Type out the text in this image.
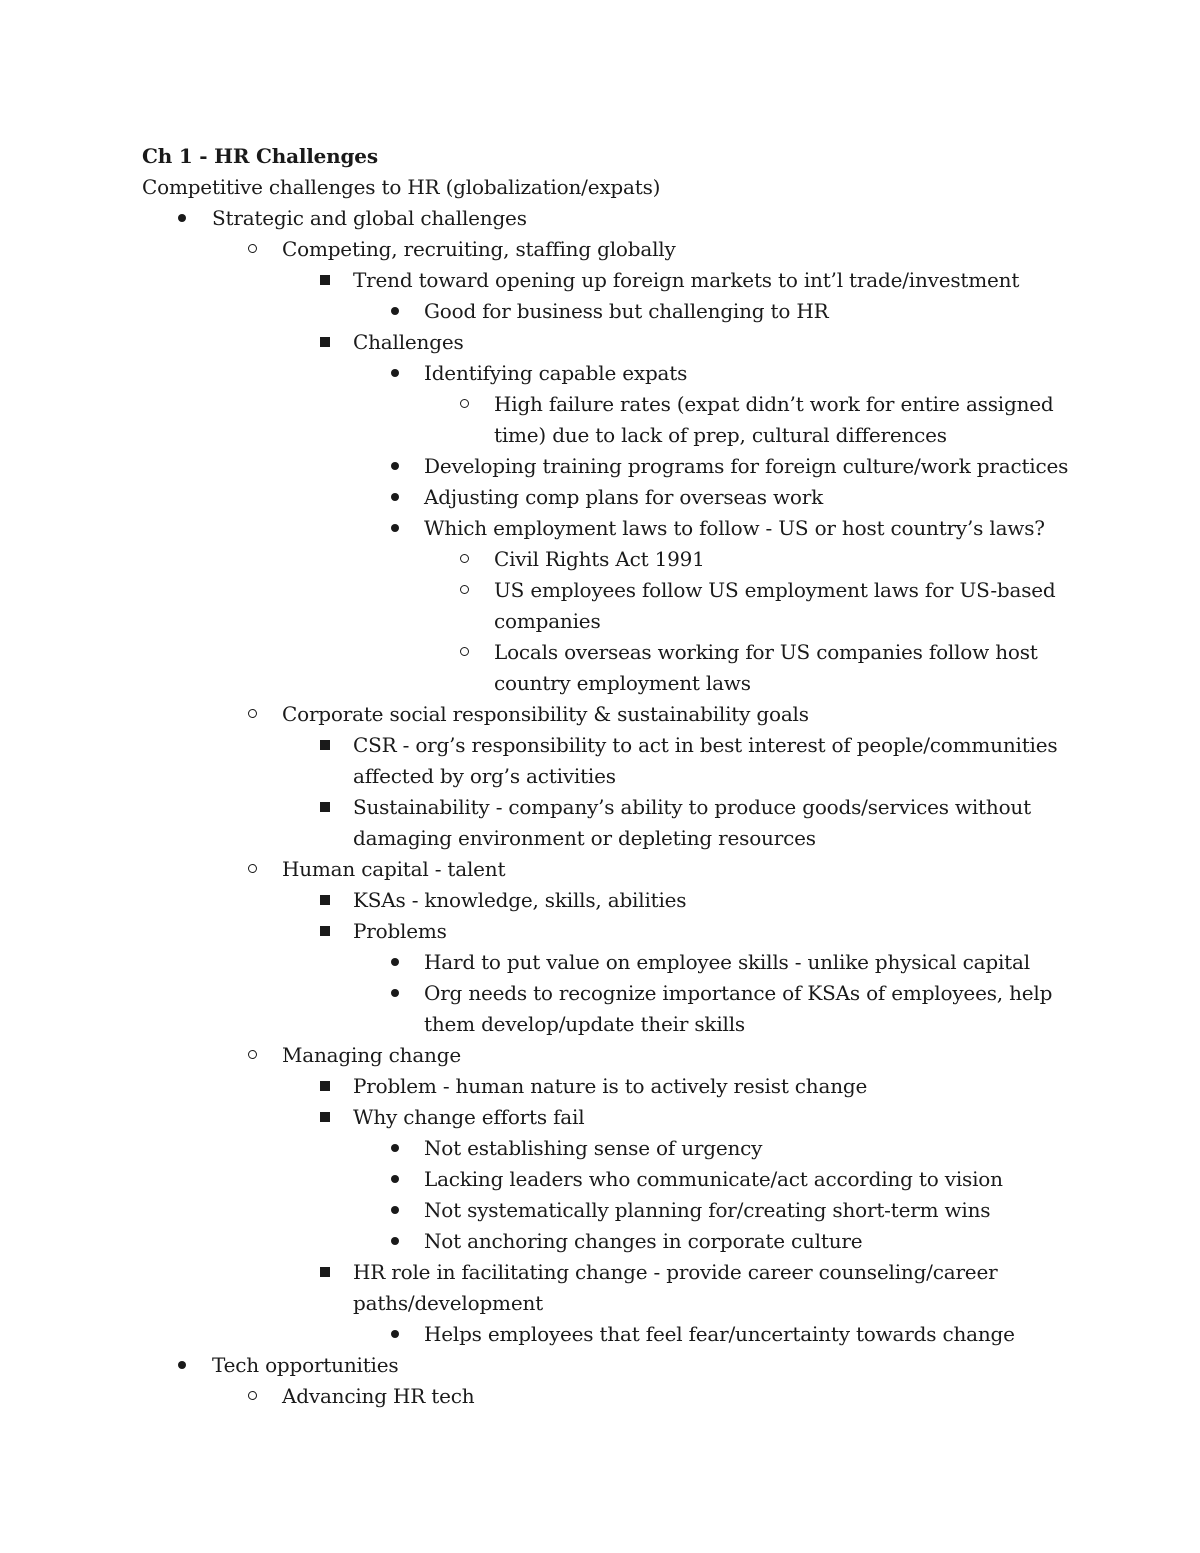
Ch 1 - HR Challenges
Competitive challenges to HR (globalization/expats)
Strategic and global challenges
Competing, recruiting, staffing globally
Trend toward opening up foreign markets to int’l trade/investment
Good for business but challenging to HR
Challenges
Identifying capable expats
High failure rates (expat didn’t work for entire assigned
time) due to lack of prep, cultural differences
Developing training programs for foreign culture/work practices
Adjusting comp plans for overseas work
Which employment laws to follow - US or host country’s laws?
Civil Rights Act 1991
US employees follow US employment laws for US-based
companies
Locals overseas working for US companies follow host
country employment laws
Corporate social responsibility & sustainability goals
CSR - org’s responsibility to act in best interest of people/communities
affected by org’s activities
Sustainability - company’s ability to produce goods/services without
damaging environment or depleting resources
Human capital - talent
KSAs - knowledge, skills, abilities
Problems
Hard to put value on employee skills - unlike physical capital
Org needs to recognize importance of KSAs of employees, help
them develop/update their skills
Managing change
Problem - human nature is to actively resist change
Why change efforts fail
Not establishing sense of urgency
Lacking leaders who communicate/act according to vision
Not systematically planning for/creating short-term wins
Not anchoring changes in corporate culture
HR role in facilitating change - provide career counseling/career
paths/development
Helps employees that feel fear/uncertainty towards change
Tech opportunities
Advancing HR tech
